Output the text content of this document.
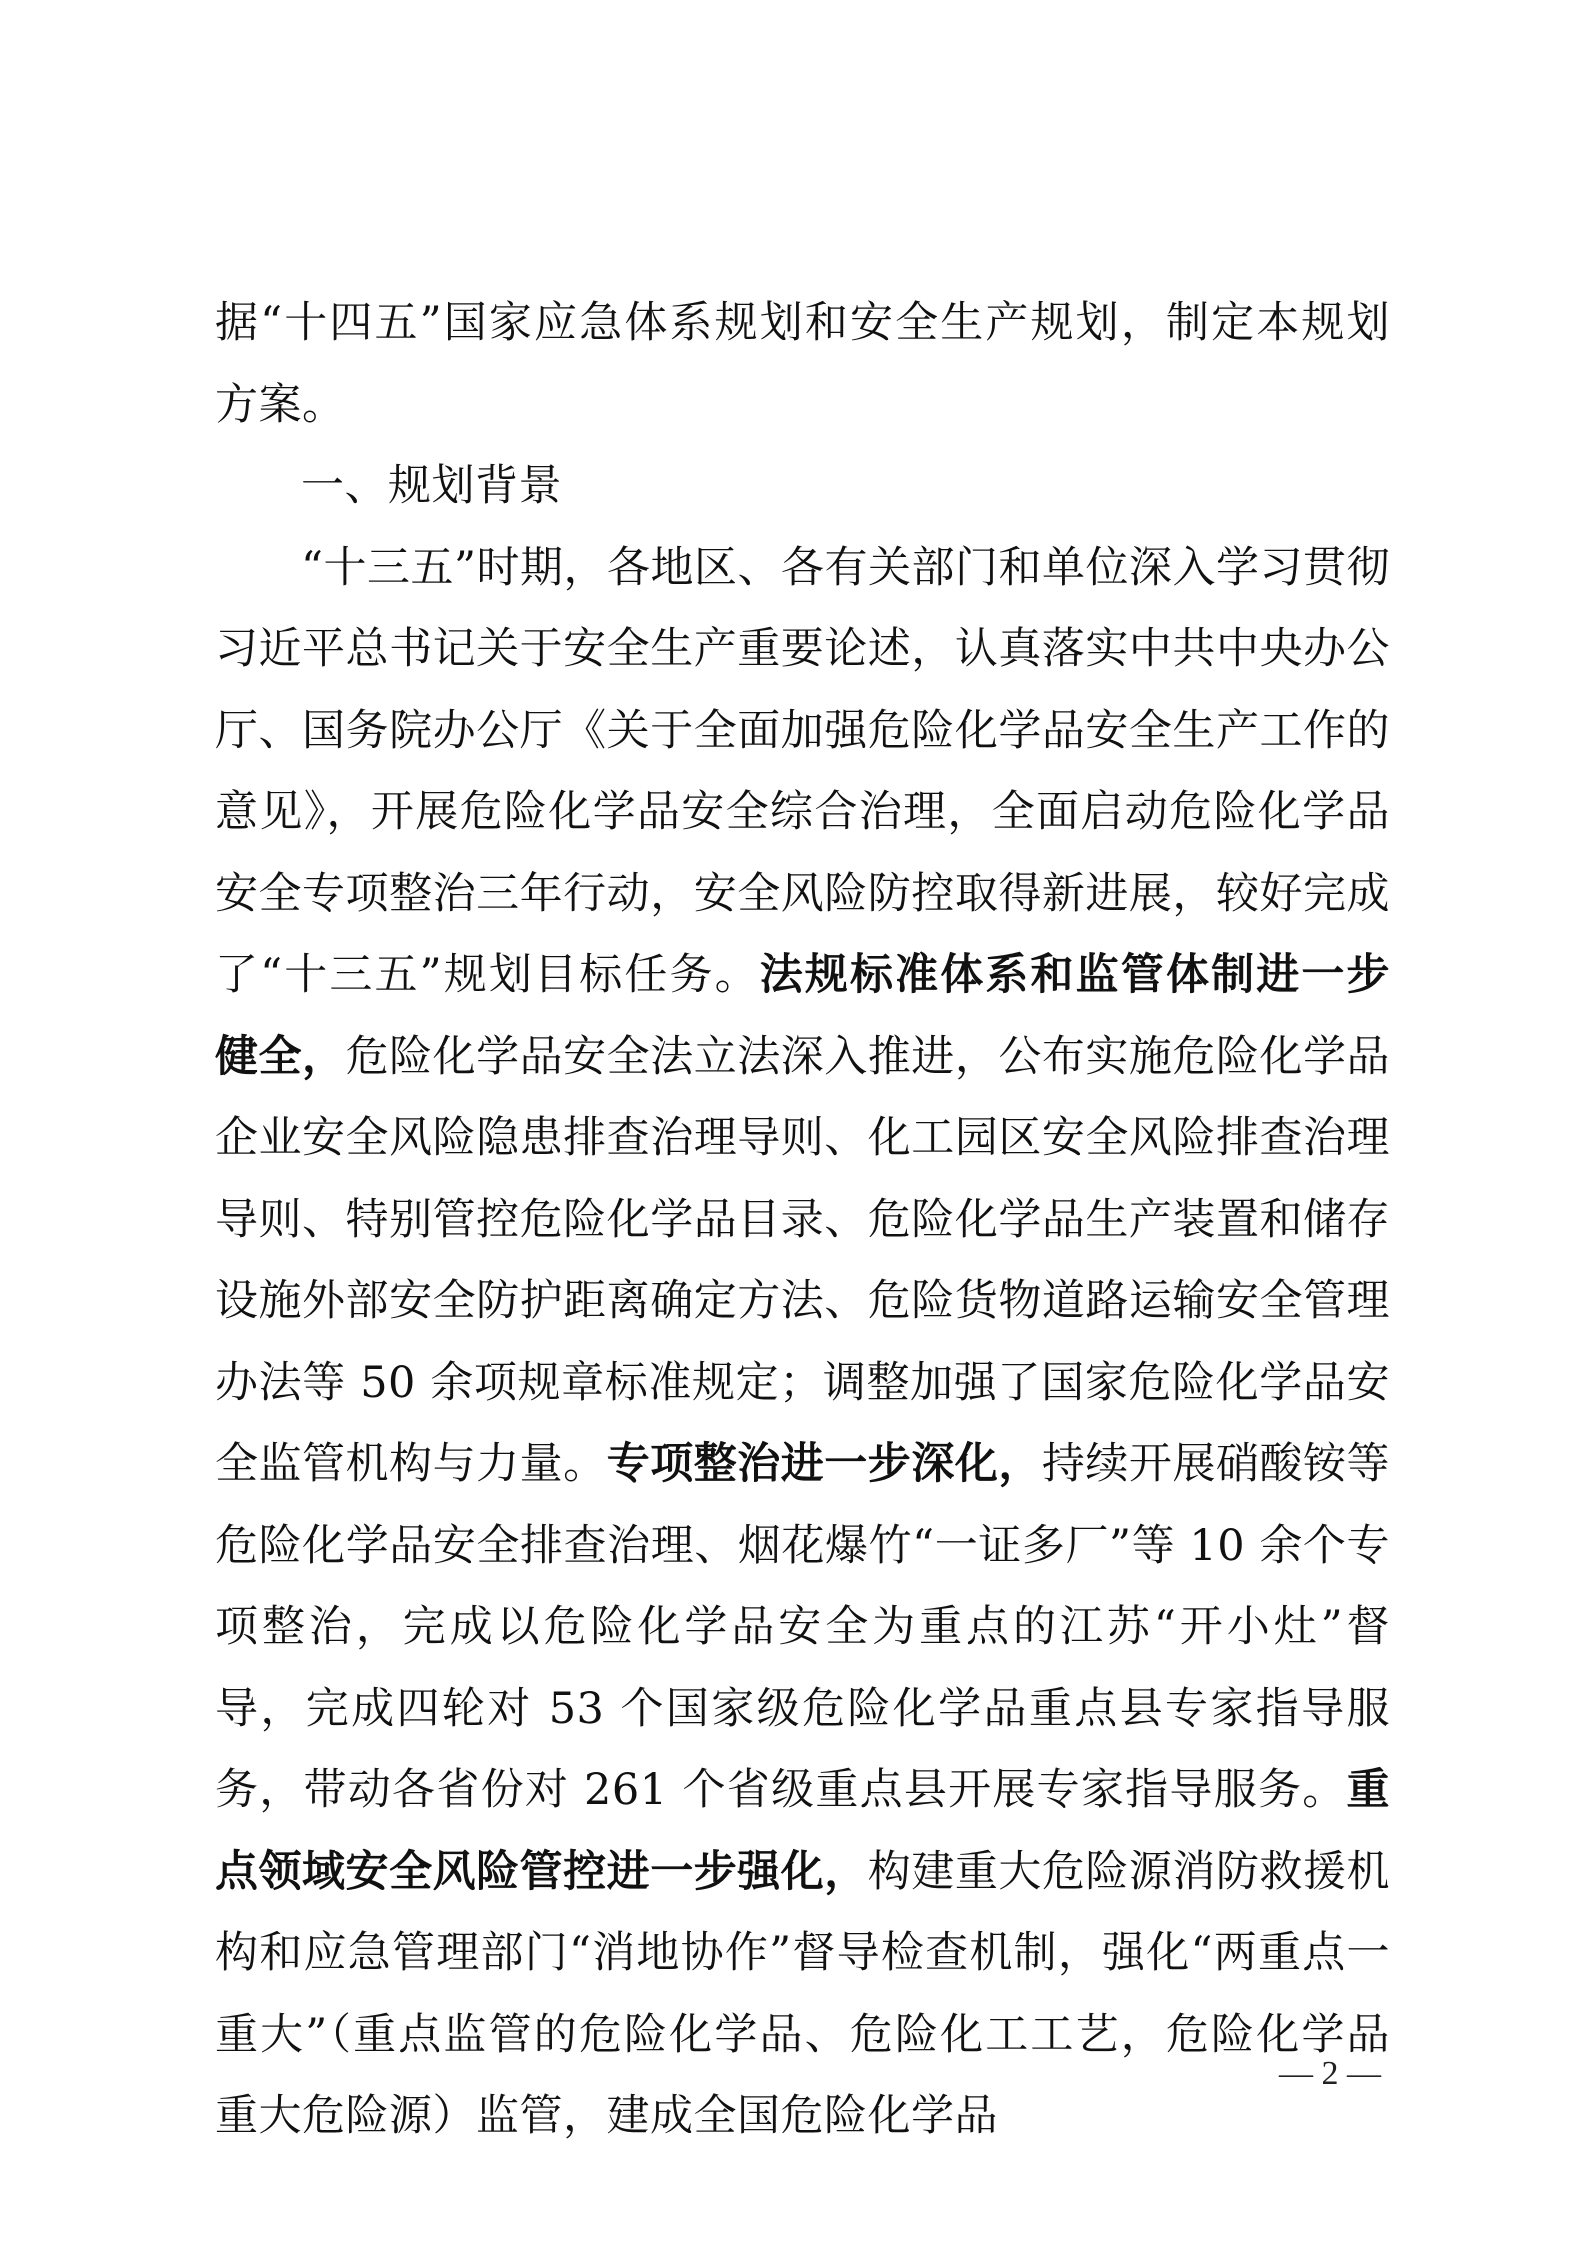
据“十四五”国家应急体系规划和安全生产规划，制定本规划方案。

一、规划背景

“十三五”时期，各地区、各有关部门和单位深入学习贯彻习近平总书记关于安全生产重要论述，认真落实中共中央办公厅、国务院办公厅《关于全面加强危险化学品安全生产工作的意见》，开展危险化学品安全综合治理，全面启动危险化学品安全专项整治三年行动，安全风险防控取得新进展，较好完成了“十三五”规划目标任务。法规标准体系和监管体制进一步健全，危险化学品安全法立法深入推进，公布实施危险化学品企业安全风险隐患排查治理导则、化工园区安全风险排查治理导则、特别管控危险化学品目录、危险化学品生产装置和储存设施外部安全防护距离确定方法、危险货物道路运输安全管理办法等 50 余项规章标准规定；调整加强了国家危险化学品安全监管机构与力量。专项整治进一步深化，持续开展硝酸铵等危险化学品安全排查治理、烟花爆竹“一证多厂”等 10 余个专项整治，完成以危险化学品安全为重点的江苏“开小灶”督导，完成四轮对 53 个国家级危险化学品重点县专家指导服务，带动各省份对 261 个省级重点县开展专家指导服务。重点领域安全风险管控进一步强化，构建重大危险源消防救援机构和应急管理部门“消地协作”督导检查机制，强化“两重点一重大”（重点监管的危险化学品、危险化工工艺，危险化学品重大危险源）监管，建成全国危险化学品

— 2 —
